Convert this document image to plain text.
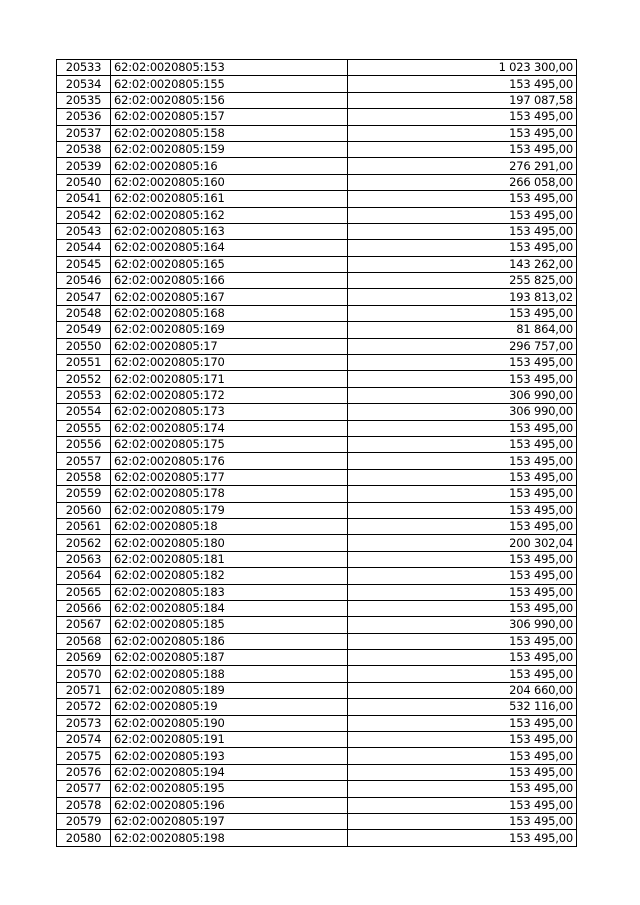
20533	62:02:0020805:153	1 023 300,00
20534	62:02:0020805:155	153 495,00
20535	62:02:0020805:156	197 087,58
20536	62:02:0020805:157	153 495,00
20537	62:02:0020805:158	153 495,00
20538	62:02:0020805:159	153 495,00
20539	62:02:0020805:16	276 291,00
20540	62:02:0020805:160	266 058,00
20541	62:02:0020805:161	153 495,00
20542	62:02:0020805:162	153 495,00
20543	62:02:0020805:163	153 495,00
20544	62:02:0020805:164	153 495,00
20545	62:02:0020805:165	143 262,00
20546	62:02:0020805:166	255 825,00
20547	62:02:0020805:167	193 813,02
20548	62:02:0020805:168	153 495,00
20549	62:02:0020805:169	81 864,00
20550	62:02:0020805:17	296 757,00
20551	62:02:0020805:170	153 495,00
20552	62:02:0020805:171	153 495,00
20553	62:02:0020805:172	306 990,00
20554	62:02:0020805:173	306 990,00
20555	62:02:0020805:174	153 495,00
20556	62:02:0020805:175	153 495,00
20557	62:02:0020805:176	153 495,00
20558	62:02:0020805:177	153 495,00
20559	62:02:0020805:178	153 495,00
20560	62:02:0020805:179	153 495,00
20561	62:02:0020805:18	153 495,00
20562	62:02:0020805:180	200 302,04
20563	62:02:0020805:181	153 495,00
20564	62:02:0020805:182	153 495,00
20565	62:02:0020805:183	153 495,00
20566	62:02:0020805:184	153 495,00
20567	62:02:0020805:185	306 990,00
20568	62:02:0020805:186	153 495,00
20569	62:02:0020805:187	153 495,00
20570	62:02:0020805:188	153 495,00
20571	62:02:0020805:189	204 660,00
20572	62:02:0020805:19	532 116,00
20573	62:02:0020805:190	153 495,00
20574	62:02:0020805:191	153 495,00
20575	62:02:0020805:193	153 495,00
20576	62:02:0020805:194	153 495,00
20577	62:02:0020805:195	153 495,00
20578	62:02:0020805:196	153 495,00
20579	62:02:0020805:197	153 495,00
20580	62:02:0020805:198	153 495,00
